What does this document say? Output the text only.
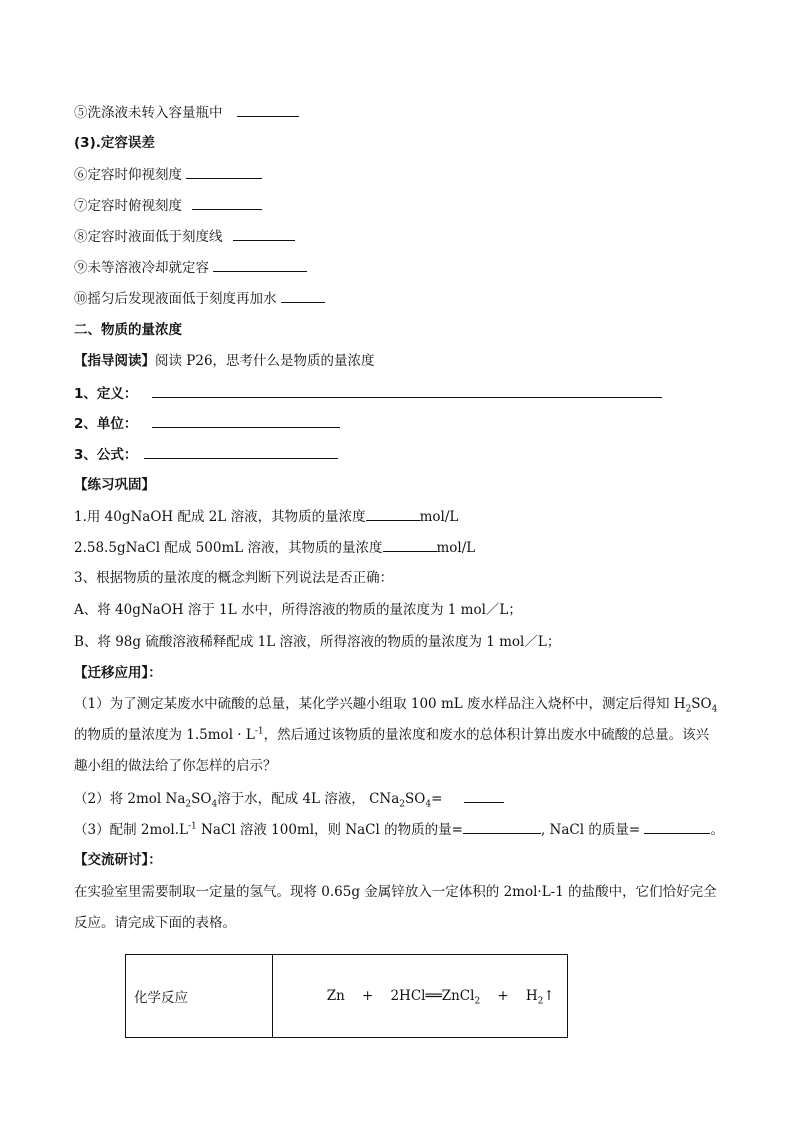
⑤洗涤液未转入容量瓶中
(3).定容误差
⑥定容时仰视刻度
⑦定容时俯视刻度
⑧定容时液面低于刻度线
⑨未等溶液冷却就定容
⑩摇匀后发现液面低于刻度再加水
二、物质的量浓度
【指导阅读】阅读 P26，思考什么是物质的量浓度
1、定义：
2、单位：
3、公式：
【练习巩固】
1.用 40gNaOH 配成 2L 溶液，其物质的量浓度	mol/L
2.58.5gNaCl 配成 500mL 溶液，其物质的量浓度	mol/L
3、根据物质的量浓度的概念判断下列说法是否正确：
A、将 40gNaOH 溶于 1L 水中，所得溶液的物质的量浓度为 1 mol／L；
B、将 98g 硫酸溶液稀释配成 1L 溶液，所得溶液的物质的量浓度为 1 mol／L；
【迁移应用】：
（1）为了测定某废水中硫酸的总量，某化学兴趣小组取 100 mL 废水样品注入烧杯中，测定后得知 $H_2SO_4$
的物质的量浓度为 $1.5mol \cdot L^{-1}$，然后通过该物质的量浓度和废水的总体积计算出废水中硫酸的总量。该兴
趣小组的做法给了你怎样的启示？
（2）将 2mol $Na_2SO_4$溶于水，配成 4L 溶液， $CNa_2SO_4=$
（3）配制 $2mol.L^{-1}$ NaCl 溶液 100ml，则 NaCl 的物质的量=	, NaCl 的质量=	。
【交流研讨】：
在实验室里需要制取一定量的氢气。现将 0.65g 金属锌放入一定体积的 2mol·L-1 的盐酸中，它们恰好完全
反应。请完成下面的表格。
化学反应	Zn    +    2HCl══ZnCl$_2$    +    $H_2↑$
